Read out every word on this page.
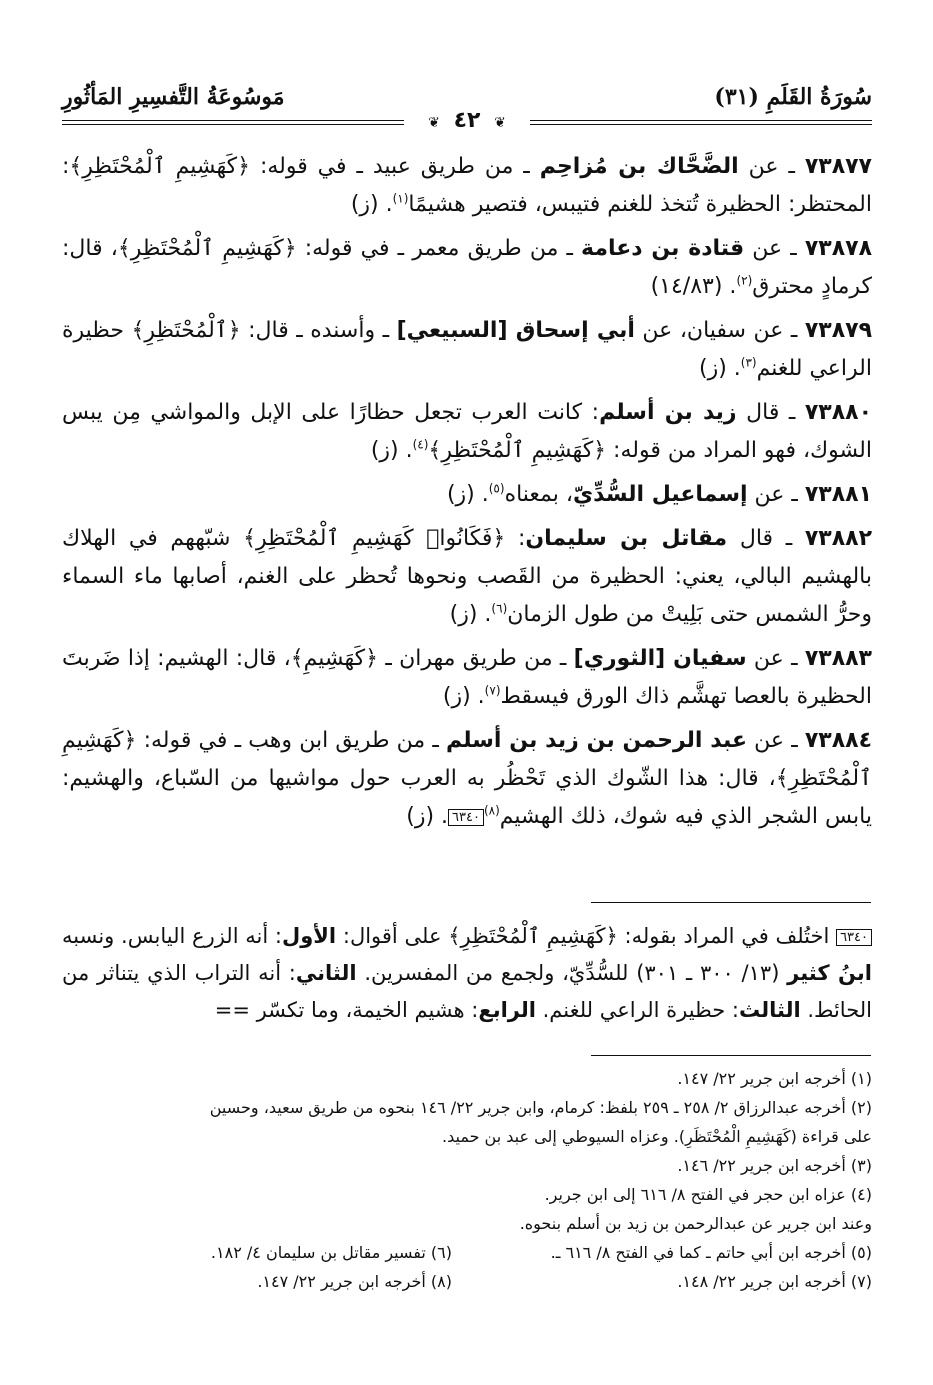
سُورَةُ القَلَمِ (٣١)
مَوسُوعَةُ التَّفسِيرِ المَأثُورِ
❦ ٤٢ ❦
٧٣٨٧٧ ـ عن الضَّحَّاك بن مُزاحِم ـ من طريق عبيد ـ في قوله: ﴿كَهَشِيمِ ٱلْمُحْتَظِرِ﴾: المحتظر: الحظيرة تُتخذ للغنم فتيبس، فتصير هشيمًا$^{(١)}$. (ز)
٧٣٨٧٨ ـ عن قتادة بن دعامة ـ من طريق معمر ـ في قوله: ﴿كَهَشِيمِ ٱلْمُحْتَظِرِ﴾، قال: كرمادٍ محترق$^{(٢)}$. (١٤/٨٣)
٧٣٨٧٩ ـ عن سفيان، عن أبي إسحاق [السبيعي] ـ وأسنده ـ قال: ﴿ٱلْمُحْتَظِرِ﴾ حظيرة الراعي للغنم$^{(٣)}$. (ز)
٧٣٨٨٠ ـ قال زيد بن أسلم: كانت العرب تجعل حظارًا على الإبل والمواشي مِن يبس الشوك، فهو المراد من قوله: ﴿كَهَشِيمِ ٱلْمُحْتَظِرِ﴾$^{(٤)}$. (ز)
٧٣٨٨١ ـ عن إسماعيل السُّدِّيّ، بمعناه$^{(٥)}$. (ز)
٧٣٨٨٢ ـ قال مقاتل بن سليمان: ﴿فَكَانُوا۟ كَهَشِيمِ ٱلْمُحْتَظِرِ﴾ شبّههم في الهلاك بالهشيم البالي، يعني: الحظيرة من القَصب ونحوها تُحظر على الغنم، أصابها ماء السماء وحرُّ الشمس حتى بَلِيتْ من طول الزمان$^{(٦)}$. (ز)
٧٣٨٨٣ ـ عن سفيان [الثوري] ـ من طريق مهران ـ ﴿كَهَشِيمِ﴾، قال: الهشيم: إذا ضَربتَ الحظيرة بالعصا تهشَّم ذاك الورق فيسقط$^{(٧)}$. (ز)
٧٣٨٨٤ ـ عن عبد الرحمن بن زيد بن أسلم ـ من طريق ابن وهب ـ في قوله: ﴿كَهَشِيمِ ٱلْمُحْتَظِرِ﴾، قال: هذا الشّوك الذي تَحْظُر به العرب حول مواشيها من السّباع، والهشيم: يابس الشجر الذي فيه شوك، ذلك الهشيم$^{(٨)}$٦٣٤٠. (ز)
٦٣٤٠ اختُلف في المراد بقوله: ﴿كَهَشِيمِ ٱلْمُحْتَظِرِ﴾ على أقوال: الأول: أنه الزرع اليابس. ونسبه ابنُ كثير (١٣/ ٣٠٠ ـ ٣٠١) للسُّدِّيّ، ولجمع من المفسرين. الثاني: أنه التراب الذي يتناثر من الحائط. الثالث: حظيرة الراعي للغنم. الرابع: هشيم الخيمة، وما تكسّر ==
(١) أخرجه ابن جرير ٢٢/ ١٤٧.
(٢) أخرجه عبدالرزاق ٢/ ٢٥٨ ـ ٢٥٩ بلفظ: كرمام، وابن جرير ٢٢/ ١٤٦ بنحوه من طريق سعيد، وحسين
على قراءة (كَهَشِيمِ الْمُحْتَظَرِ). وعزاه السيوطي إلى عبد بن حميد.
(٣) أخرجه ابن جرير ٢٢/ ١٤٦.
(٤) عزاه ابن حجر في الفتح ٨/ ٦١٦ إلى ابن جرير.
وعند ابن جرير عن عبدالرحمن بن زيد بن أسلم بنحوه.
(٥) أخرجه ابن أبي حاتم ـ كما في الفتح ٨/ ٦١٦ ـ.
(٦) تفسير مقاتل بن سليمان ٤/ ١٨٢.
(٧) أخرجه ابن جرير ٢٢/ ١٤٨.
(٨) أخرجه ابن جرير ٢٢/ ١٤٧.
